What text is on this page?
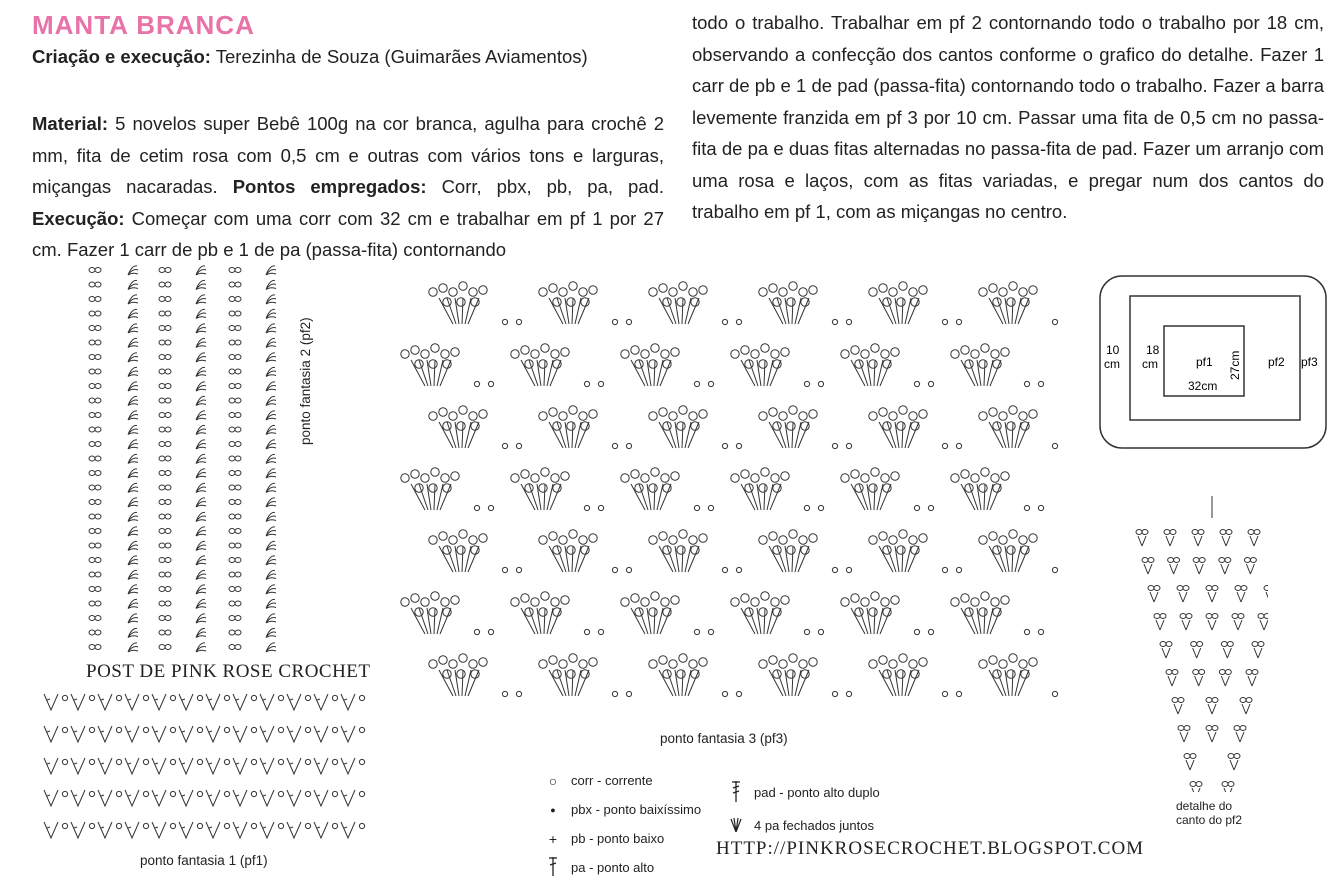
MANTA BRANCA
Criação e execução: Terezinha de Souza (Guimarães Aviamentos)
Material: 5 novelos super Bebê 100g na cor branca, agulha para crochê 2 mm, fita de cetim rosa com 0,5 cm e outras com vários tons e larguras, miçangas nacaradas. Pontos empregados: Corr, pbx, pb, pa, pad. Execução: Começar com uma corr com 32 cm e trabalhar em pf 1 por 27 cm. Fazer 1 carr de pb e 1 de pa (passa-fita) contornando
todo o trabalho. Trabalhar em pf 2 contornando todo o trabalho por 18 cm, observando a confecção dos cantos conforme o grafico do detalhe. Fazer 1 carr de pb e 1 de pad (passa-fita) contornando todo o trabalho. Fazer a barra levemente franzida em pf 3 por 10 cm. Passar uma fita de 0,5 cm no passa-fita de pa e duas fitas alternadas no passa-fita de pad. Fazer um arranjo com uma rosa e laços, com as fitas variadas, e pregar num dos cantos do trabalho em pf 1, com as miçangas no centro.
ponto fantasia 2 (pf2)
POST DE PINK ROSE CROCHET
ponto fantasia 1 (pf1)
ponto fantasia 3 (pf3)
10
cm
18
cm	pf1
32cm
27cm pf2 pf3
detalhe do
canto do pf2
○ corr - corrente
●	pbx - ponto baixíssimo
+	pb - ponto baixo
pa - ponto alto
pad - ponto alto duplo
4 pa fechados juntos
HTTP://PINKROSECROCHET.BLOGSPOT.COM
